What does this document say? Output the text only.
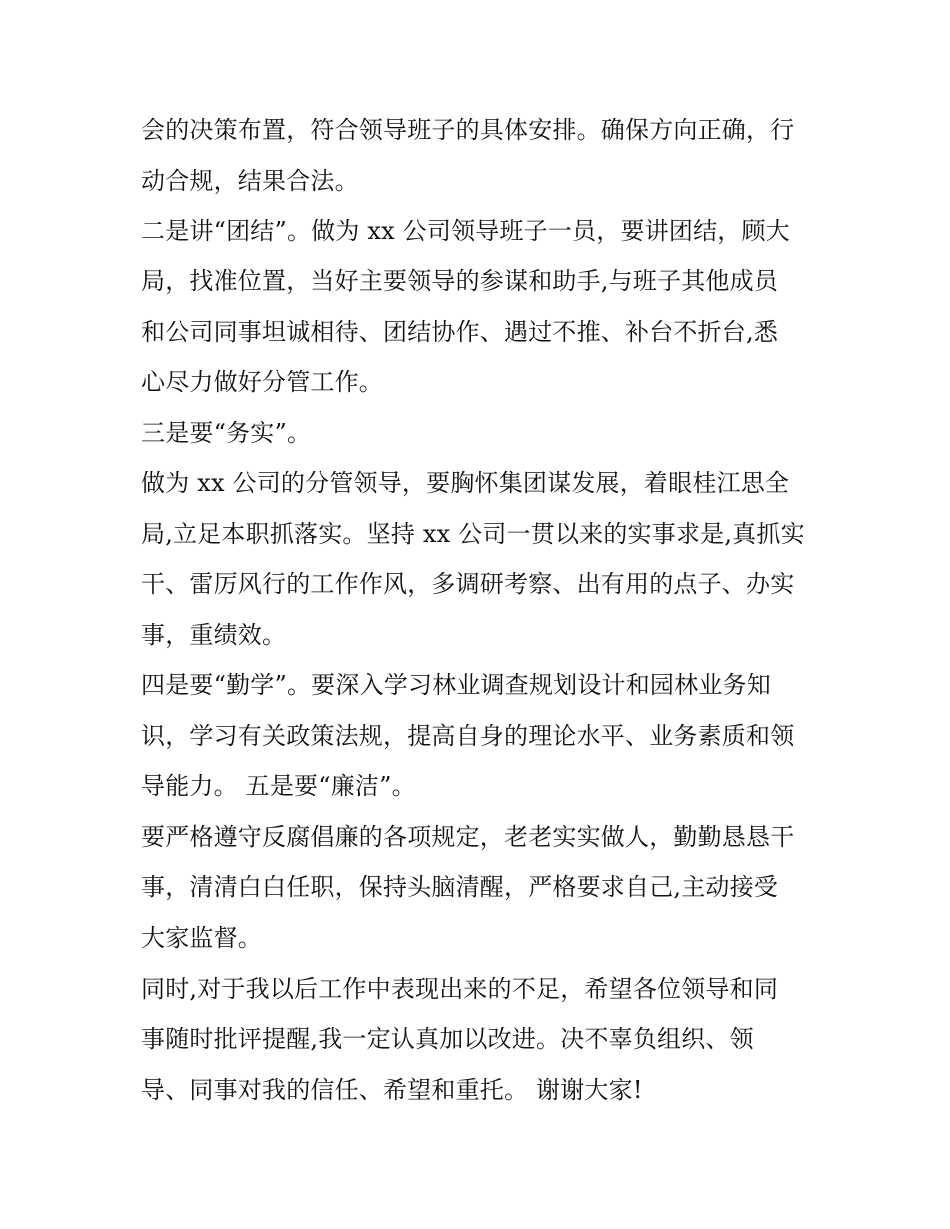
会的决策布置，符合领导班子的具体安排。确保方向正确，行
动合规，结果合法。
二是讲“团结”。做为 xx 公司领导班子一员，要讲团结，顾大
局，找准位置，当好主要领导的参谋和助手,与班子其他成员
和公司同事坦诚相待、团结协作、遇过不推、补台不折台,悉
心尽力做好分管工作。
三是要“务实”。
做为 xx 公司的分管领导，要胸怀集团谋发展，着眼桂江思全
局,立足本职抓落实。坚持 xx 公司一贯以来的实事求是,真抓实
干、雷厉风行的工作作风，多调研考察、出有用的点子、办实
事，重绩效。
四是要“勤学”。要深入学习林业调查规划设计和园林业务知
识，学习有关政策法规，提高自身的理论水平、业务素质和领
导能力。 五是要“廉洁”。
要严格遵守反腐倡廉的各项规定，老老实实做人，勤勤恳恳干
事，清清白白任职，保持头脑清醒，严格要求自己,主动接受
大家监督。
同时,对于我以后工作中表现出来的不足，希望各位领导和同
事随时批评提醒,我一定认真加以改进。决不辜负组织、领
导、同事对我的信任、希望和重托。 谢谢大家!
